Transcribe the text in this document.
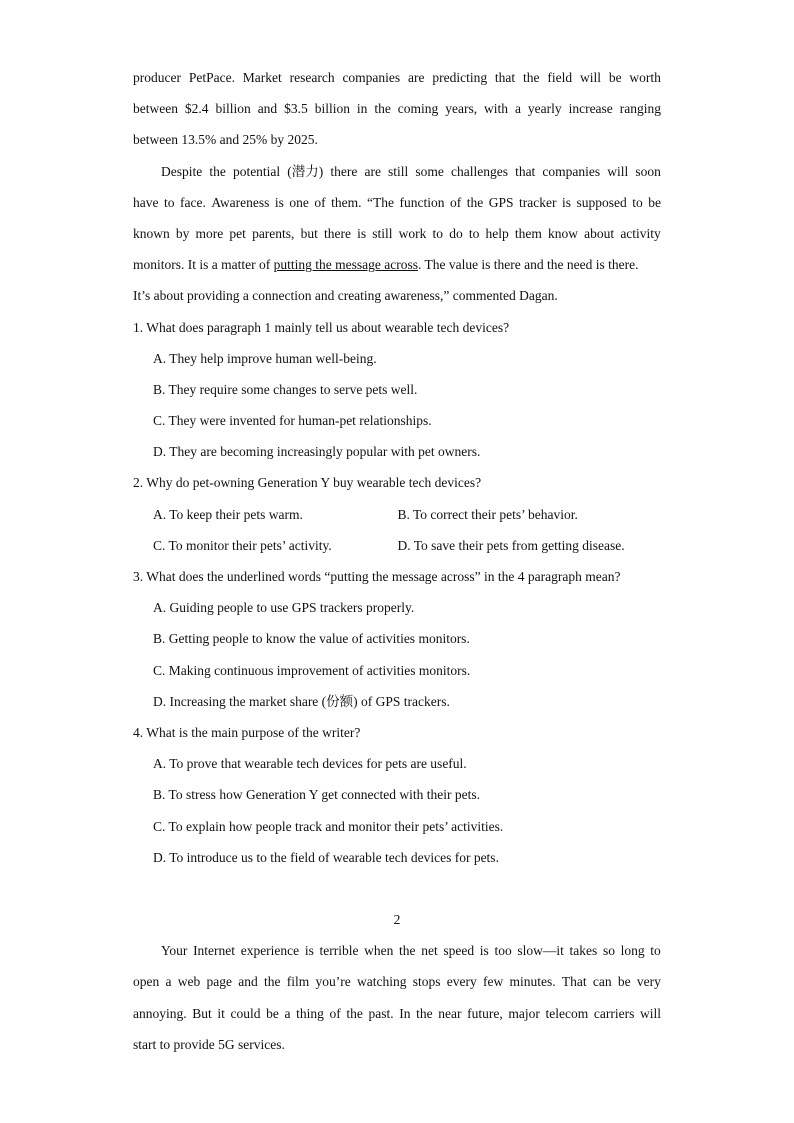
producer PetPace. Market research companies are predicting that the field will be worth
between $2.4 billion and $3.5 billion in the coming years, with a yearly increase ranging
between 13.5% and 25% by 2025.
Despite the potential (潜力) there are still some challenges that companies will soon
have to face. Awareness is one of them. “The function of the GPS tracker is supposed to be
known by more pet parents, but there is still work to do to help them know about activity
monitors. It is a matter of putting the message across. The value is there and the need is there.
It’s about providing a connection and creating awareness,” commented Dagan.
1. What does paragraph 1 mainly tell us about wearable tech devices?
A. They help improve human well-being.
B. They require some changes to serve pets well.
C. They were invented for human-pet relationships.
D. They are becoming increasingly popular with pet owners.
2. Why do pet-owning Generation Y buy wearable tech devices?
A. To keep their pets warm.	B. To correct their pets’ behavior.
C. To monitor their pets’ activity.	D. To save their pets from getting disease.
3. What does the underlined words “putting the message across” in the 4 paragraph mean?
A. Guiding people to use GPS trackers properly.
B. Getting people to know the value of activities monitors.
C. Making continuous improvement of activities monitors.
D. Increasing the market share (份额) of GPS trackers.
4. What is the main purpose of the writer?
A. To prove that wearable tech devices for pets are useful.
B. To stress how Generation Y get connected with their pets.
C. To explain how people track and monitor their pets’ activities.
D. To introduce us to the field of wearable tech devices for pets.
2
Your Internet experience is terrible when the net speed is too slow—it takes so long to
open a web page and the film you’re watching stops every few minutes. That can be very
annoying. But it could be a thing of the past. In the near future, major telecom carriers will
start to provide 5G services.
